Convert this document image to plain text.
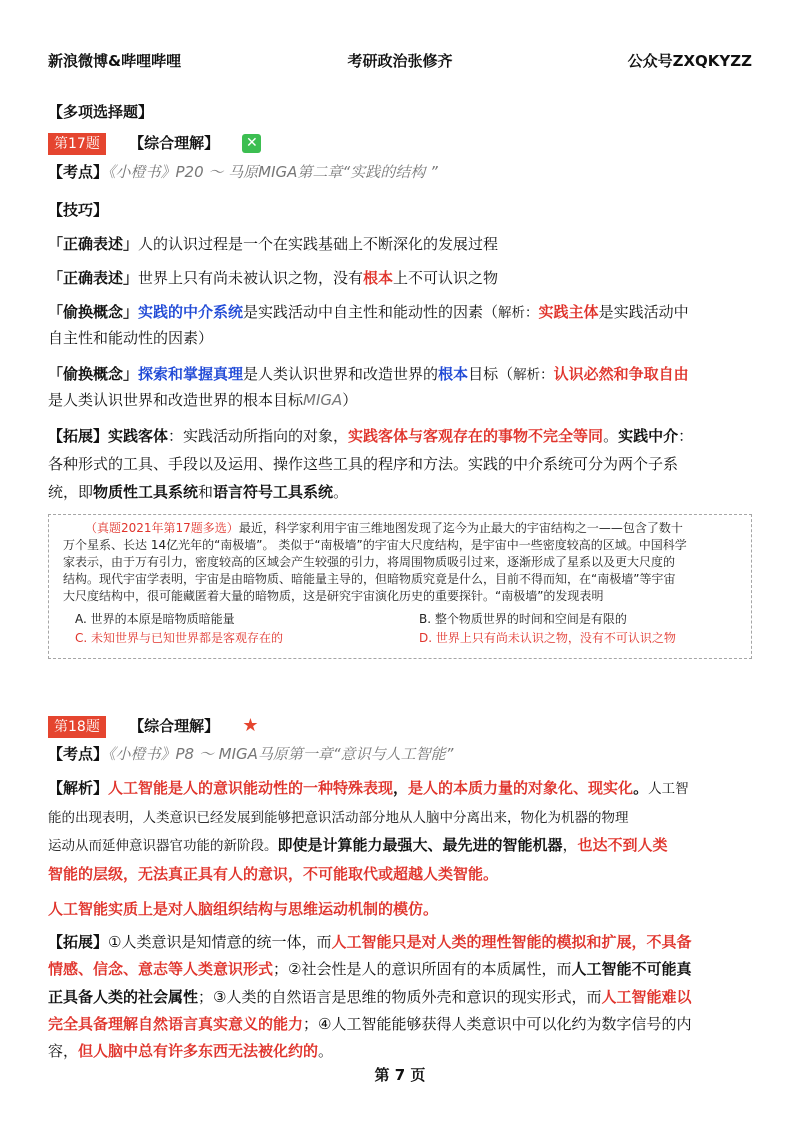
新浪微博&哔哩哔哩	考研政治张修齐	公众号ZXQKYZZ
【多项选择题】
第17题 【综合理解】 ✕
【考点】《小橙书》P20 ～ 马原MIGA第二章“实践的结构 ”
【技巧】
「正确表述」人的认识过程是一个在实践基础上不断深化的发展过程
「正确表述」世界上只有尚未被认识之物，没有根本上不可认识之物
「偷换概念」实践的中介系统是实践活动中自主性和能动性的因素（解析：实践主体是实践活动中
自主性和能动性的因素）
「偷换概念」探索和掌握真理是人类认识世界和改造世界的根本目标（解析：认识必然和争取自由
是人类认识世界和改造世界的根本目标MIGA）
【拓展】实践客体：实践活动所指向的对象，实践客体与客观存在的事物不完全等同。实践中介：
各种形式的工具、手段以及运用、操作这些工具的程序和方法。实践的中介系统可分为两个子系
统，即物质性工具系统和语言符号工具系统。
（真题2021年第17题多选）最近，科学家利用宇宙三维地图发现了迄今为止最大的宇宙结构之一——包含了数十
万个星系、长达 14亿光年的“南极墙”。 类似于“南极墙”的宇宙大尺度结构，是宇宙中一些密度较高的区域。中国科学
家表示，由于万有引力，密度较高的区域会产生较强的引力，将周围物质吸引过来，逐渐形成了星系以及更大尺度的
结构。现代宇宙学表明，宇宙是由暗物质、暗能量主导的，但暗物质究竟是什么，目前不得而知，在“南极墙”等宇宙
大尺度结构中，很可能藏匿着大量的暗物质，这是研究宇宙演化历史的重要探针。“南极墙”的发现表明
A. 世界的本原是暗物质暗能量	B. 整个物质世界的时间和空间是有限的
C. 未知世界与已知世界都是客观存在的	D. 世界上只有尚未认识之物，没有不可认识之物
第18题 【综合理解】 ★
【考点】《小橙书》P8 ～ MIGA马原第一章“意识与人工智能”
【解析】人工智能是人的意识能动性的一种特殊表现，是人的本质力量的对象化、现实化。人工智
能的出现表明，人类意识已经发展到能够把意识活动部分地从人脑中分离出来，物化为机器的物理
运动从而延伸意识器官功能的新阶段。即使是计算能力最强大、最先进的智能机器，也达不到人类
智能的层级，无法真正具有人的意识，不可能取代或超越人类智能。
人工智能实质上是对人脑组织结构与思维运动机制的模仿。
【拓展】①人类意识是知情意的统一体，而人工智能只是对人类的理性智能的模拟和扩展，不具备
情感、信念、意志等人类意识形式；②社会性是人的意识所固有的本质属性，而人工智能不可能真
正具备人类的社会属性；③人类的自然语言是思维的物质外壳和意识的现实形式，而人工智能难以
完全具备理解自然语言真实意义的能力；④人工智能能够获得人类意识中可以化约为数字信号的内
容，但人脑中总有许多东西无法被化约的。
第 7 页
